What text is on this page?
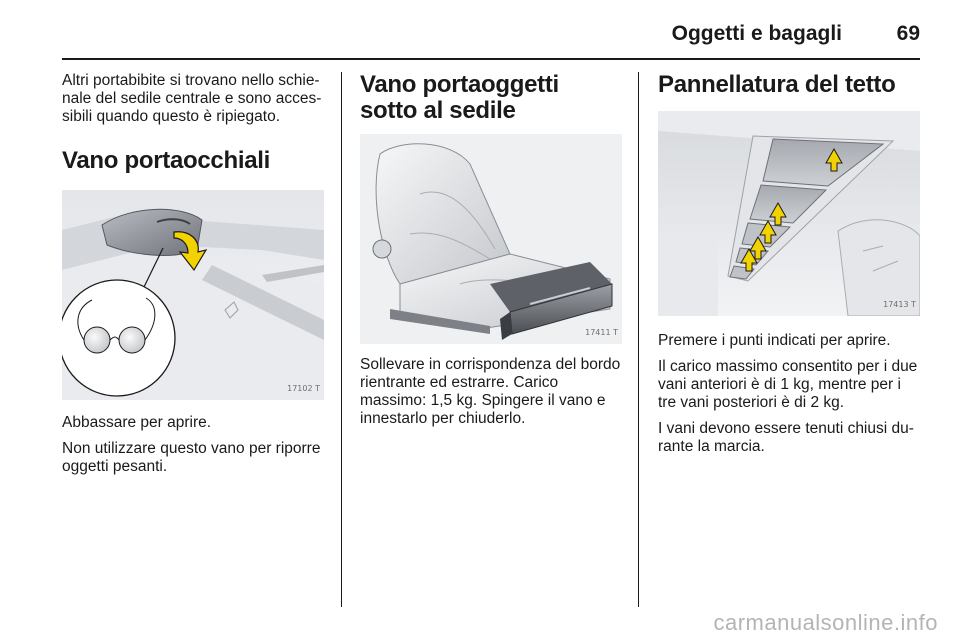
Oggetti e bagagli	69

Altri portabibite si trovano nello schie-nale del sedile centrale e sono acces-sibili quando questo è ripiegato.

Vano portaocchiali
17102 T

Abbassare per aprire.

Non utilizzare questo vano per riporre oggetti pesanti.

Vano portaoggetti sotto al sedile
17411 T

Sollevare in corrispondenza del bordo rientrante ed estrarre. Carico massimo: 1,5 kg. Spingere il vano e innestarlo per chiuderlo.

Pannellatura del tetto
17413 T

Premere i punti indicati per aprire.

Il carico massimo consentito per i due vani anteriori è di 1 kg, mentre per i tre vani posteriori è di 2 kg.

I vani devono essere tenuti chiusi du-rante la marcia.

carmanualsonline.info
